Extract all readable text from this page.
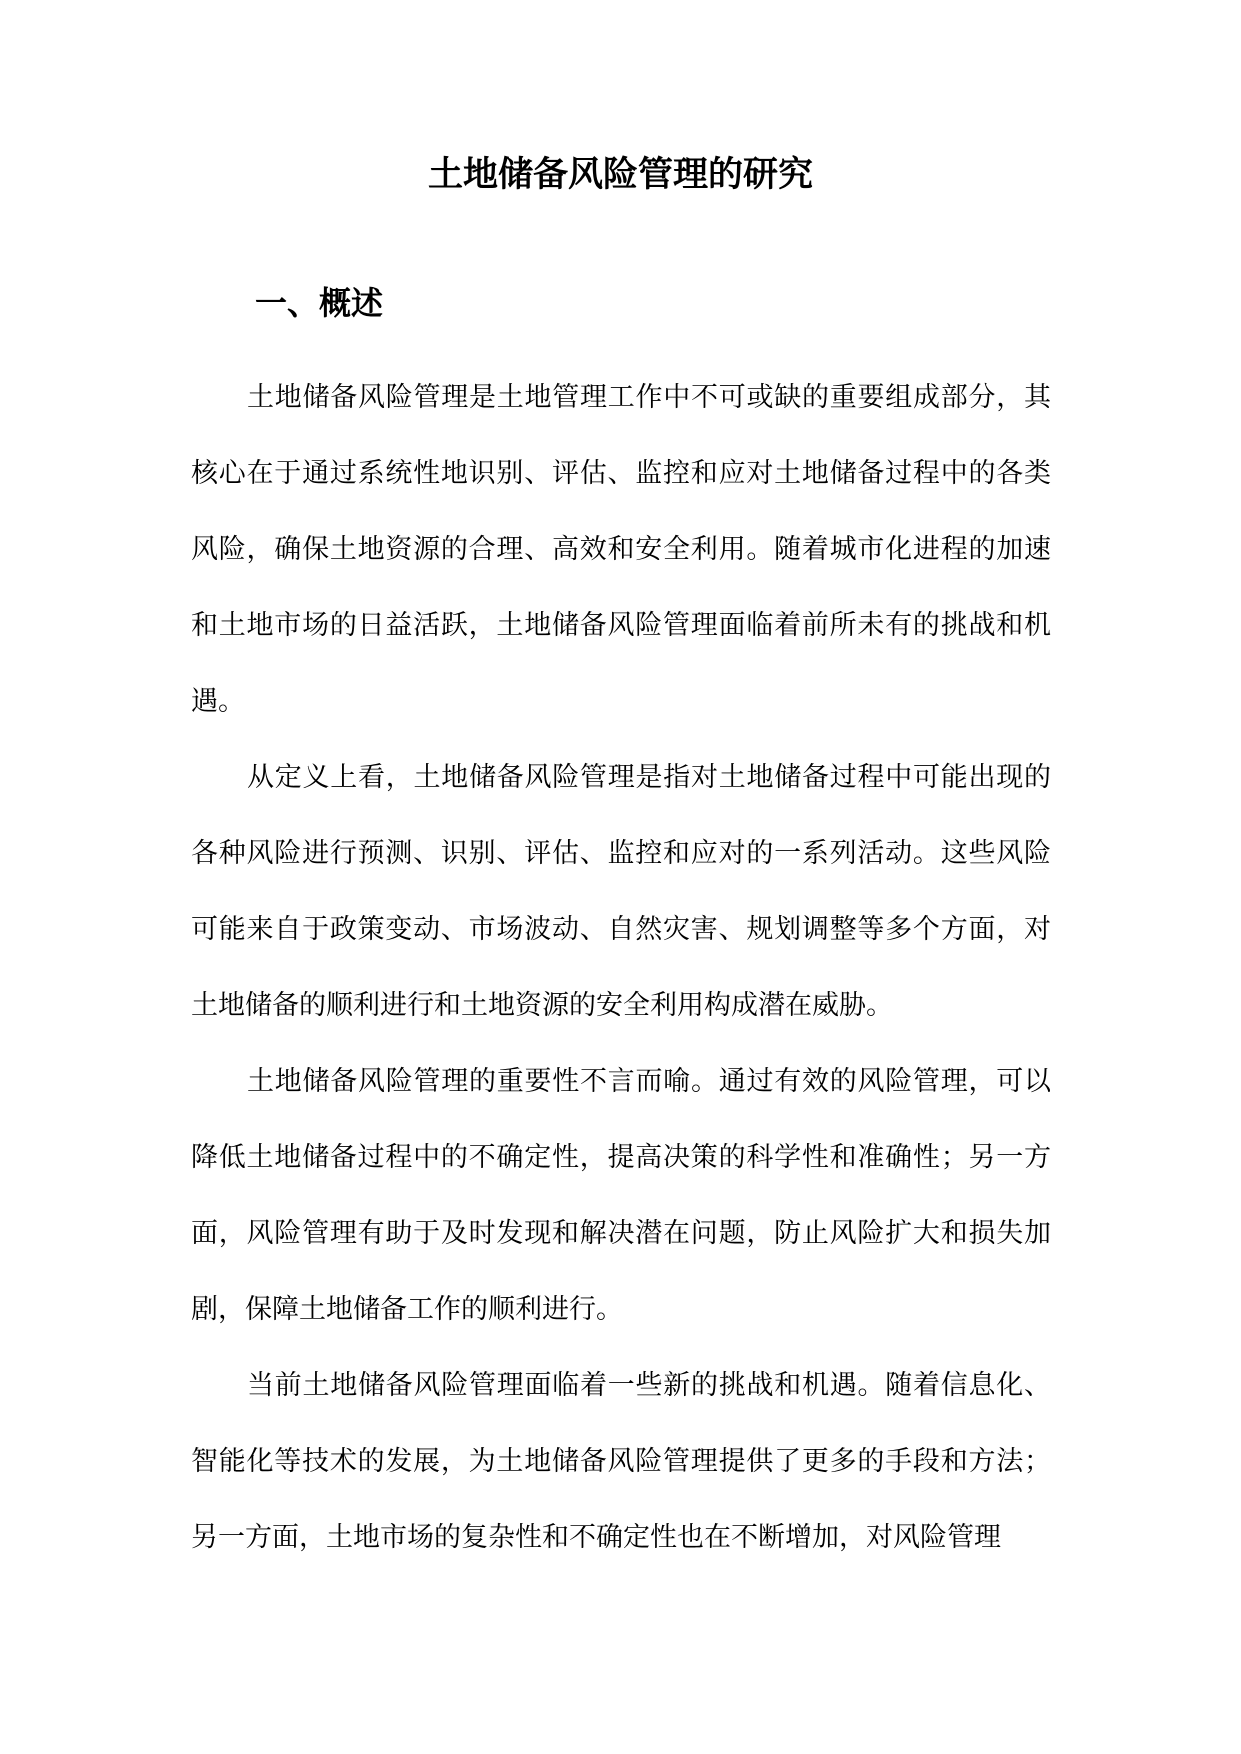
土地储备风险管理的研究
一、概述

土地储备风险管理是土地管理工作中不可或缺的重要组成部分，其核心在于通过系统性地识别、评估、监控和应对土地储备过程中的各类风险，确保土地资源的合理、高效和安全利用。随着城市化进程的加速和土地市场的日益活跃，土地储备风险管理面临着前所未有的挑战和机遇。

从定义上看，土地储备风险管理是指对土地储备过程中可能出现的各种风险进行预测、识别、评估、监控和应对的一系列活动。这些风险可能来自于政策变动、市场波动、自然灾害、规划调整等多个方面，对土地储备的顺利进行和土地资源的安全利用构成潜在威胁。

土地储备风险管理的重要性不言而喻。通过有效的风险管理，可以降低土地储备过程中的不确定性，提高决策的科学性和准确性；另一方面，风险管理有助于及时发现和解决潜在问题，防止风险扩大和损失加剧，保障土地储备工作的顺利进行。

当前土地储备风险管理面临着一些新的挑战和机遇。随着信息化、智能化等技术的发展，为土地储备风险管理提供了更多的手段和方法；另一方面，土地市场的复杂性和不确定性也在不断增加，对风险管理
